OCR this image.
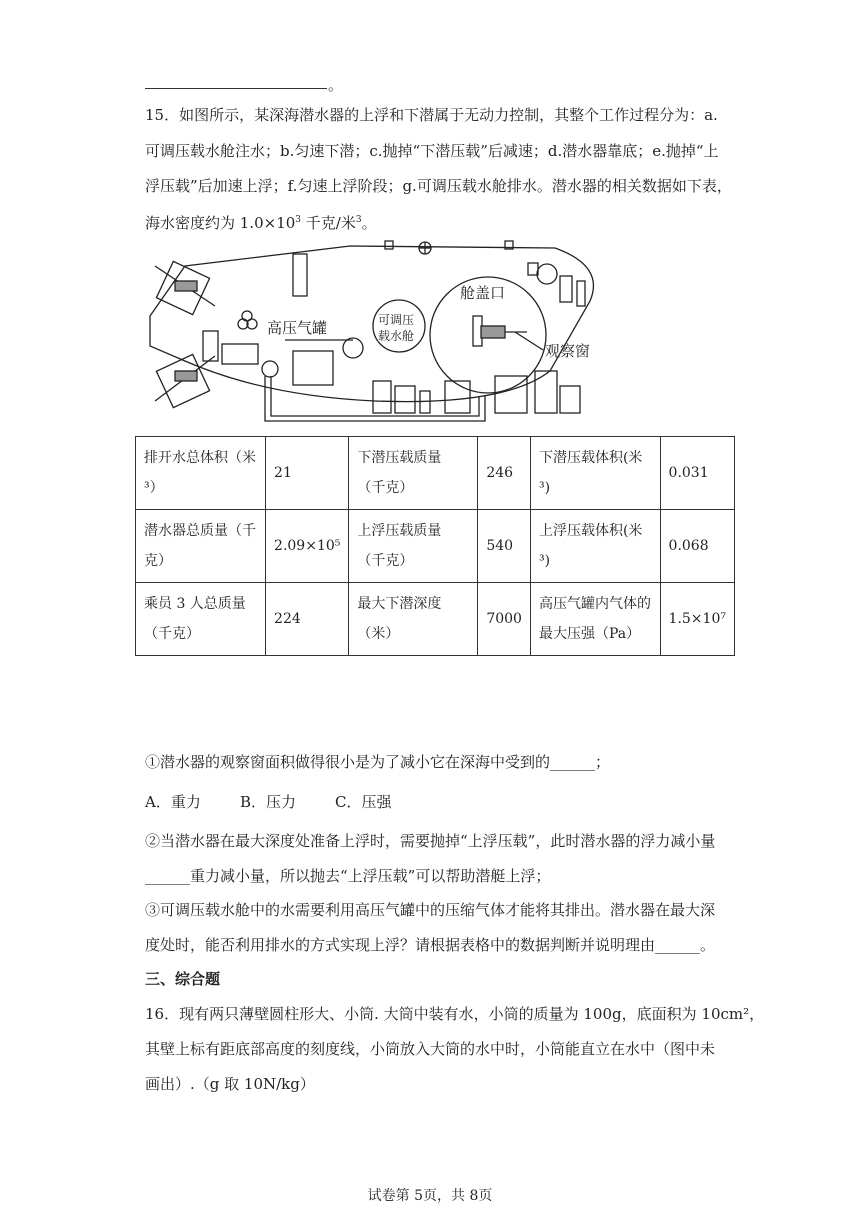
。
15．如图所示，某深海潜水器的上浮和下潜属于无动力控制，其整个工作过程分为：a.
可调压载水舱注水；b.匀速下潜；c.抛掉“下潜压载”后减速；d.潜水器靠底；e.抛掉“上
浮压载”后加速上浮；f.匀速上浮阶段；g.可调压载水舱排水。潜水器的相关数据如下表，
海水密度约为 $1.0\times 10^3$ 千克/米$^3$。
舱盖口
高压气罐	可调压
载水舱
观察窗
排开水总体积（米 ³）	21	下潜压载质量（千克）	246	下潜压载体积(米 ³)	0.031
潜水器总质量（千克）	2.09×10⁵	上浮压载质量（千克）	540	上浮压载体积(米 ³)	0.068
乘员 3 人总质量（千克）	224	最大下潜深度（米）	7000	高压气罐内气体的最大压强（Pa）	1.5×10⁷
①潜水器的观察窗面积做得很小是为了减小它在深海中受到的______；
A．重力	B．压力	C．压强
②当潜水器在最大深度处准备上浮时，需要抛掉“上浮压载”，此时潜水器的浮力减小量
______重力减小量，所以抛去“上浮压载”可以帮助潜艇上浮；
③可调压载水舱中的水需要利用高压气罐中的压缩气体才能将其排出。潜水器在最大深
度处时，能否利用排水的方式实现上浮？请根据表格中的数据判断并说明理由______。
三、综合题
16．现有两只薄壁圆柱形大、小筒. 大筒中装有水，小筒的质量为 100g，底面积为 10cm²，
其壁上标有距底部高度的刻度线，小筒放入大筒的水中时，小筒能直立在水中（图中未
画出）.（g 取 10N/kg）
试卷第 5页，共 8页
